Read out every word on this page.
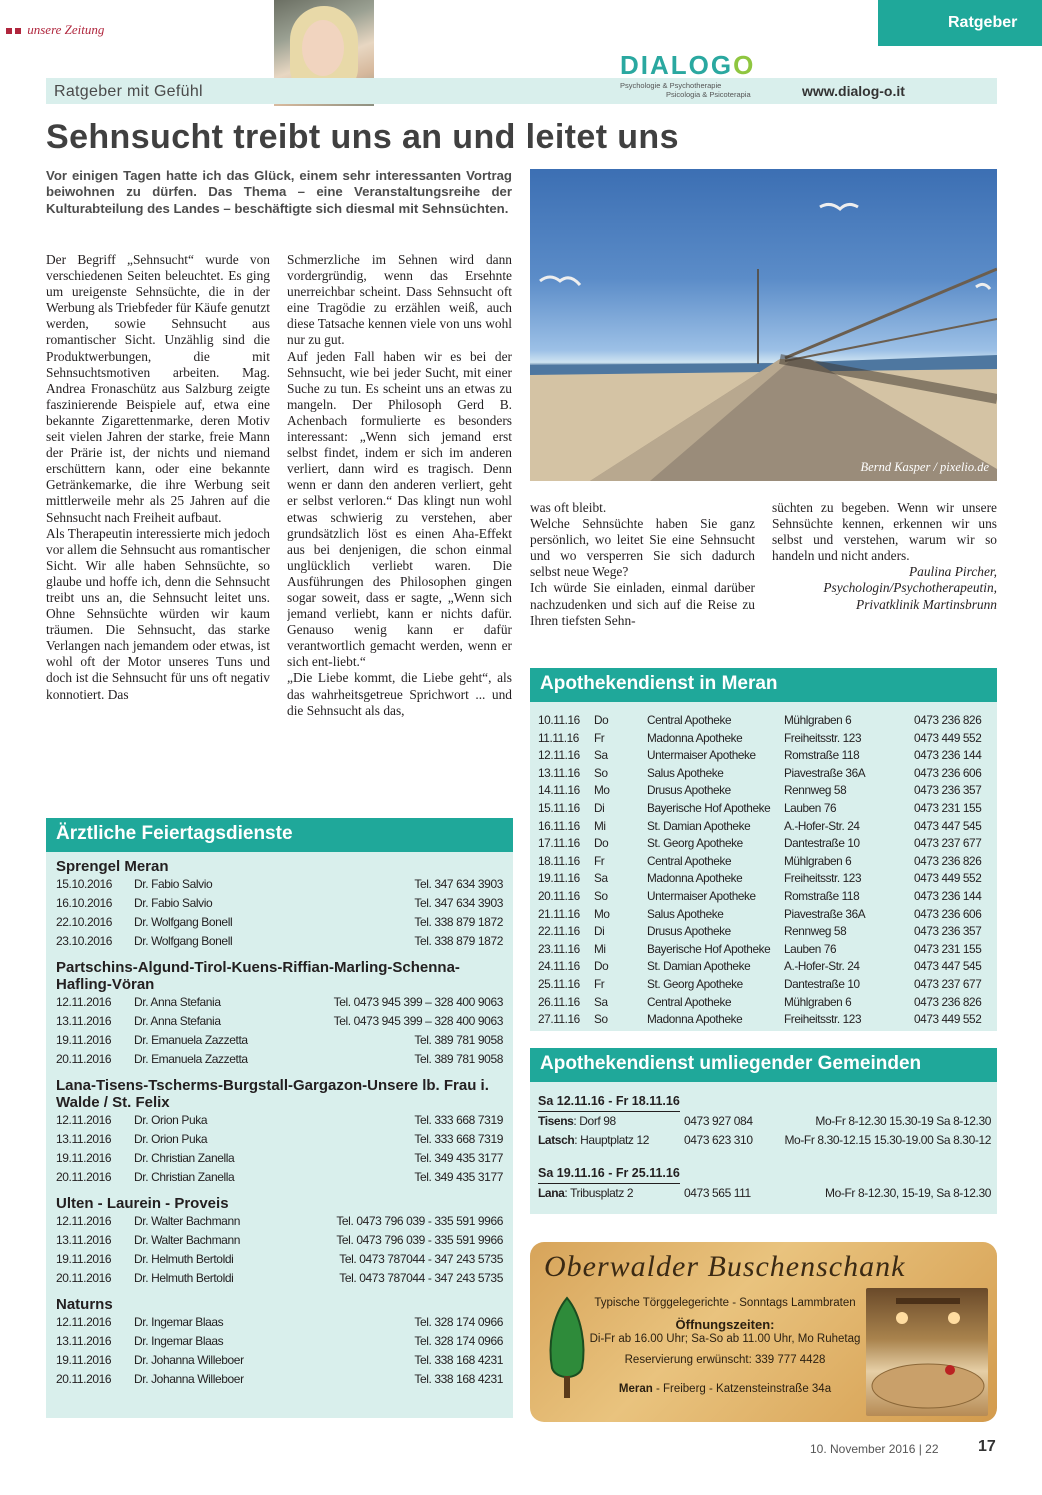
unsere Zeitung	Ratgeber
Ratgeber mit Gefühl
DIALOGO
Psychologie & Psychotherapie
Psicologia & Psicoterapia	www.dialog-o.it
Sehnsucht treibt uns an und leitet uns
Vor einigen Tagen hatte ich das Glück, einem sehr interessanten Vortrag beiwohnen zu dürfen. Das Thema – eine Veranstaltungsreihe der Kulturabteilung des Landes – beschäftigte sich diesmal mit Sehnsüchten.

Der Begriff „Sehnsucht“ wurde von verschiedenen Seiten beleuchtet. Es ging um ureigenste Sehnsüchte, die in der Werbung als Triebfeder für Käufe genutzt werden, sowie Sehnsucht aus romantischer Sicht. Unzählig sind die Produktwerbungen, die mit Sehnsuchtsmotiven arbeiten. Mag. Andrea Fronaschütz aus Salzburg zeigte faszinierende Beispiele auf, etwa eine bekannte Zigarettenmarke, deren Motiv seit vielen Jahren der starke, freie Mann der Prärie ist, der nichts und niemand erschüttern kann, oder eine bekannte Getränkemarke, die ihre Werbung seit mittlerweile mehr als 25 Jahren auf die Sehnsucht nach Freiheit aufbaut.

Als Therapeutin interessierte mich jedoch vor allem die Sehnsucht aus romantischer Sicht. Wir alle haben Sehnsüchte, so glaube und hoffe ich, denn die Sehnsucht treibt uns an, die Sehnsucht leitet uns. Ohne Sehnsüchte würden wir kaum träumen. Die Sehnsucht, das starke Verlangen nach jemandem oder etwas, ist wohl oft der Motor unseres Tuns und doch ist die Sehnsucht für uns oft negativ konnotiert. Das

Schmerzliche im Sehnen wird dann vordergründig, wenn das Ersehnte unerreichbar scheint. Dass Sehnsucht oft eine Tragödie zu erzählen weiß, auch diese Tatsache kennen viele von uns wohl nur zu gut.

Auf jeden Fall haben wir es bei der Sehnsucht, wie bei jeder Sucht, mit einer Suche zu tun. Es scheint uns an etwas zu mangeln. Der Philosoph Gerd B. Achenbach formulierte es besonders interessant: „Wenn sich jemand erst selbst findet, indem er sich im anderen verliert, dann wird es tragisch. Denn wenn er dann den anderen verliert, geht er selbst verloren.“ Das klingt nun wohl etwas schwierig zu verstehen, aber grundsätzlich löst es einen Aha-Effekt aus bei denjenigen, die schon einmal unglücklich verliebt waren. Die Ausführungen des Philosophen gingen sogar soweit, dass er sagte, „Wenn sich jemand verliebt, kann er nichts dafür. Genauso wenig kann er dafür verantwortlich gemacht werden, wenn er sich ent-liebt.“

„Die Liebe kommt, die Liebe geht“, als das wahrheitsgetreue Sprichwort ... und die Sehnsucht als das,

was oft bleibt.

Welche Sehnsüchte haben Sie ganz persönlich, wo leitet Sie eine Sehnsucht und wo versperren Sie sich dadurch selbst neue Wege?

Ich würde Sie einladen, einmal darüber nachzudenken und sich auf die Reise zu Ihren tiefsten Sehn-

süchten zu begeben. Wenn wir unsere Sehnsüchte kennen, erkennen wir uns selbst und verstehen, warum wir so handeln und nicht anders.

Paulina Pircher,

Psychologin/Psychotherapeutin,

Privatklinik Martinsbrunn

Bernd Kasper / pixelio.de
Ärztliche Feiertagsdienste
Sprengel Meran
15.10.2016	Dr. Fabio Salvio	Tel. 347 634 3903
16.10.2016	Dr. Fabio Salvio	Tel. 347 634 3903
22.10.2016	Dr. Wolfgang Bonell	Tel. 338 879 1872
23.10.2016	Dr. Wolfgang Bonell	Tel. 338 879 1872
Partschins-Algund-Tirol-Kuens-Riffian-Marling-Schenna-Hafling-Vöran
12.11.2016	Dr. Anna Stefania	Tel. 0473 945 399 – 328 400 9063
13.11.2016	Dr. Anna Stefania	Tel. 0473 945 399 – 328 400 9063
19.11.2016	Dr. Emanuela Zazzetta	Tel. 389 781 9058
20.11.2016	Dr. Emanuela Zazzetta	Tel. 389 781 9058
Lana-Tisens-Tscherms-Burgstall-Gargazon-Unsere lb. Frau i. Walde / St. Felix
12.11.2016	Dr. Orion Puka	Tel. 333 668 7319
13.11.2016	Dr. Orion Puka	Tel. 333 668 7319
19.11.2016	Dr. Christian Zanella	Tel. 349 435 3177
20.11.2016	Dr. Christian Zanella	Tel. 349 435 3177
Ulten - Laurein - Proveis
12.11.2016	Dr. Walter Bachmann	Tel. 0473 796 039 - 335 591 9966
13.11.2016	Dr. Walter Bachmann	Tel. 0473 796 039 - 335 591 9966
19.11.2016	Dr. Helmuth Bertoldi	Tel. 0473 787044 - 347 243 5735
20.11.2016	Dr. Helmuth Bertoldi	Tel. 0473 787044 - 347 243 5735
Naturns
12.11.2016	Dr. Ingemar Blaas	Tel. 328 174 0966
13.11.2016	Dr. Ingemar Blaas	Tel. 328 174 0966
19.11.2016	Dr. Johanna Willeboer	Tel. 338 168 4231
20.11.2016	Dr. Johanna Willeboer	Tel. 338 168 4231
Apothekendienst in Meran
10.11.16	Do	Central Apotheke	Mühlgraben 6	0473 236 826
11.11.16	Fr	Madonna Apotheke	Freiheitsstr. 123	0473 449 552
12.11.16	Sa	Untermaiser Apotheke	Romstraße 118	0473 236 144
13.11.16	So	Salus Apotheke	Piavestraße 36A	0473 236 606
14.11.16	Mo	Drusus Apotheke	Rennweg 58	0473 236 357
15.11.16	Di	Bayerische Hof Apotheke	Lauben 76	0473 231 155
16.11.16	Mi	St. Damian Apotheke	A.-Hofer-Str. 24	0473 447 545
17.11.16	Do	St. Georg Apotheke	Dantestraße 10	0473 237 677
18.11.16	Fr	Central Apotheke	Mühlgraben 6	0473 236 826
19.11.16	Sa	Madonna Apotheke	Freiheitsstr. 123	0473 449 552
20.11.16	So	Untermaiser Apotheke	Romstraße 118	0473 236 144
21.11.16	Mo	Salus Apotheke	Piavestraße 36A	0473 236 606
22.11.16	Di	Drusus Apotheke	Rennweg 58	0473 236 357
23.11.16	Mi	Bayerische Hof Apotheke	Lauben 76	0473 231 155
24.11.16	Do	St. Damian Apotheke	A.-Hofer-Str. 24	0473 447 545
25.11.16	Fr	St. Georg Apotheke	Dantestraße 10	0473 237 677
26.11.16	Sa	Central Apotheke	Mühlgraben 6	0473 236 826
27.11.16	So	Madonna Apotheke	Freiheitsstr. 123	0473 449 552
Apothekendienst umliegender Gemeinden
Sa 12.11.16 - Fr 18.11.16
Tisens: Dorf 98	0473 927 084	Mo-Fr 8-12.30 15.30-19 Sa 8-12.30
Latsch: Hauptplatz 12	0473 623 310	Mo-Fr 8.30-12.15 15.30-19.00 Sa 8.30-12
Sa 19.11.16 - Fr 25.11.16
Lana: Tribusplatz 2	0473 565 111	Mo-Fr 8-12.30, 15-19, Sa 8-12.30
Oberwalder Buschenschank
Typische Törggelegerichte - Sonntags Lammbraten
Öffnungszeiten:
Di-Fr ab 16.00 Uhr; Sa-So ab 11.00 Uhr, Mo Ruhetag
Reservierung erwünscht: 339 777 4428
Meran - Freiberg - Katzensteinstraße 34a
10. November 2016 | 22 17
